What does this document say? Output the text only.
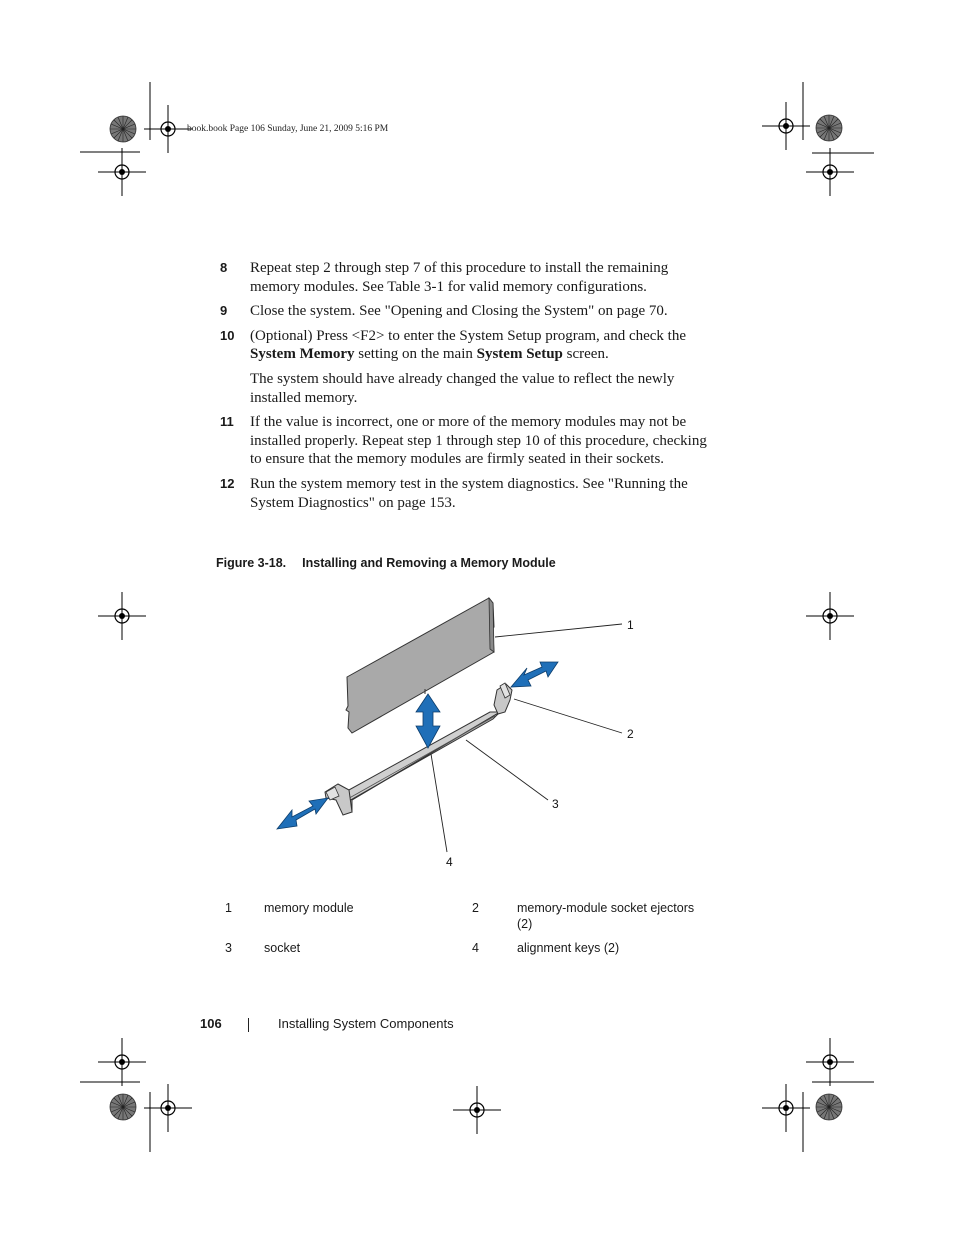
book.book Page 106 Sunday, June 21, 2009 5:16 PM
8 Repeat step 2 through step 7 of this procedure to install the remaining memory modules. See Table 3-1 for valid memory configurations.

9 Close the system. See "Opening and Closing the System" on page 70.

10 (Optional) Press <F2> to enter the System Setup program, and check the System Memory setting on the main System Setup screen.

The system should have already changed the value to reflect the newly installed memory.

11 If the value is incorrect, one or more of the memory modules may not be installed properly. Repeat step 1 through step 10 of this procedure, checking to ensure that the memory modules are firmly seated in their sockets.

12 Run the system memory test in the system diagnostics. See "Running the System Diagnostics" on page 153.

Figure 3-18. Installing and Removing a Memory Module
1
2
3
4
1	memory module	2	memory-module socket ejectors (2)
3	socket	4	alignment keys (2)
106	Installing System Components
